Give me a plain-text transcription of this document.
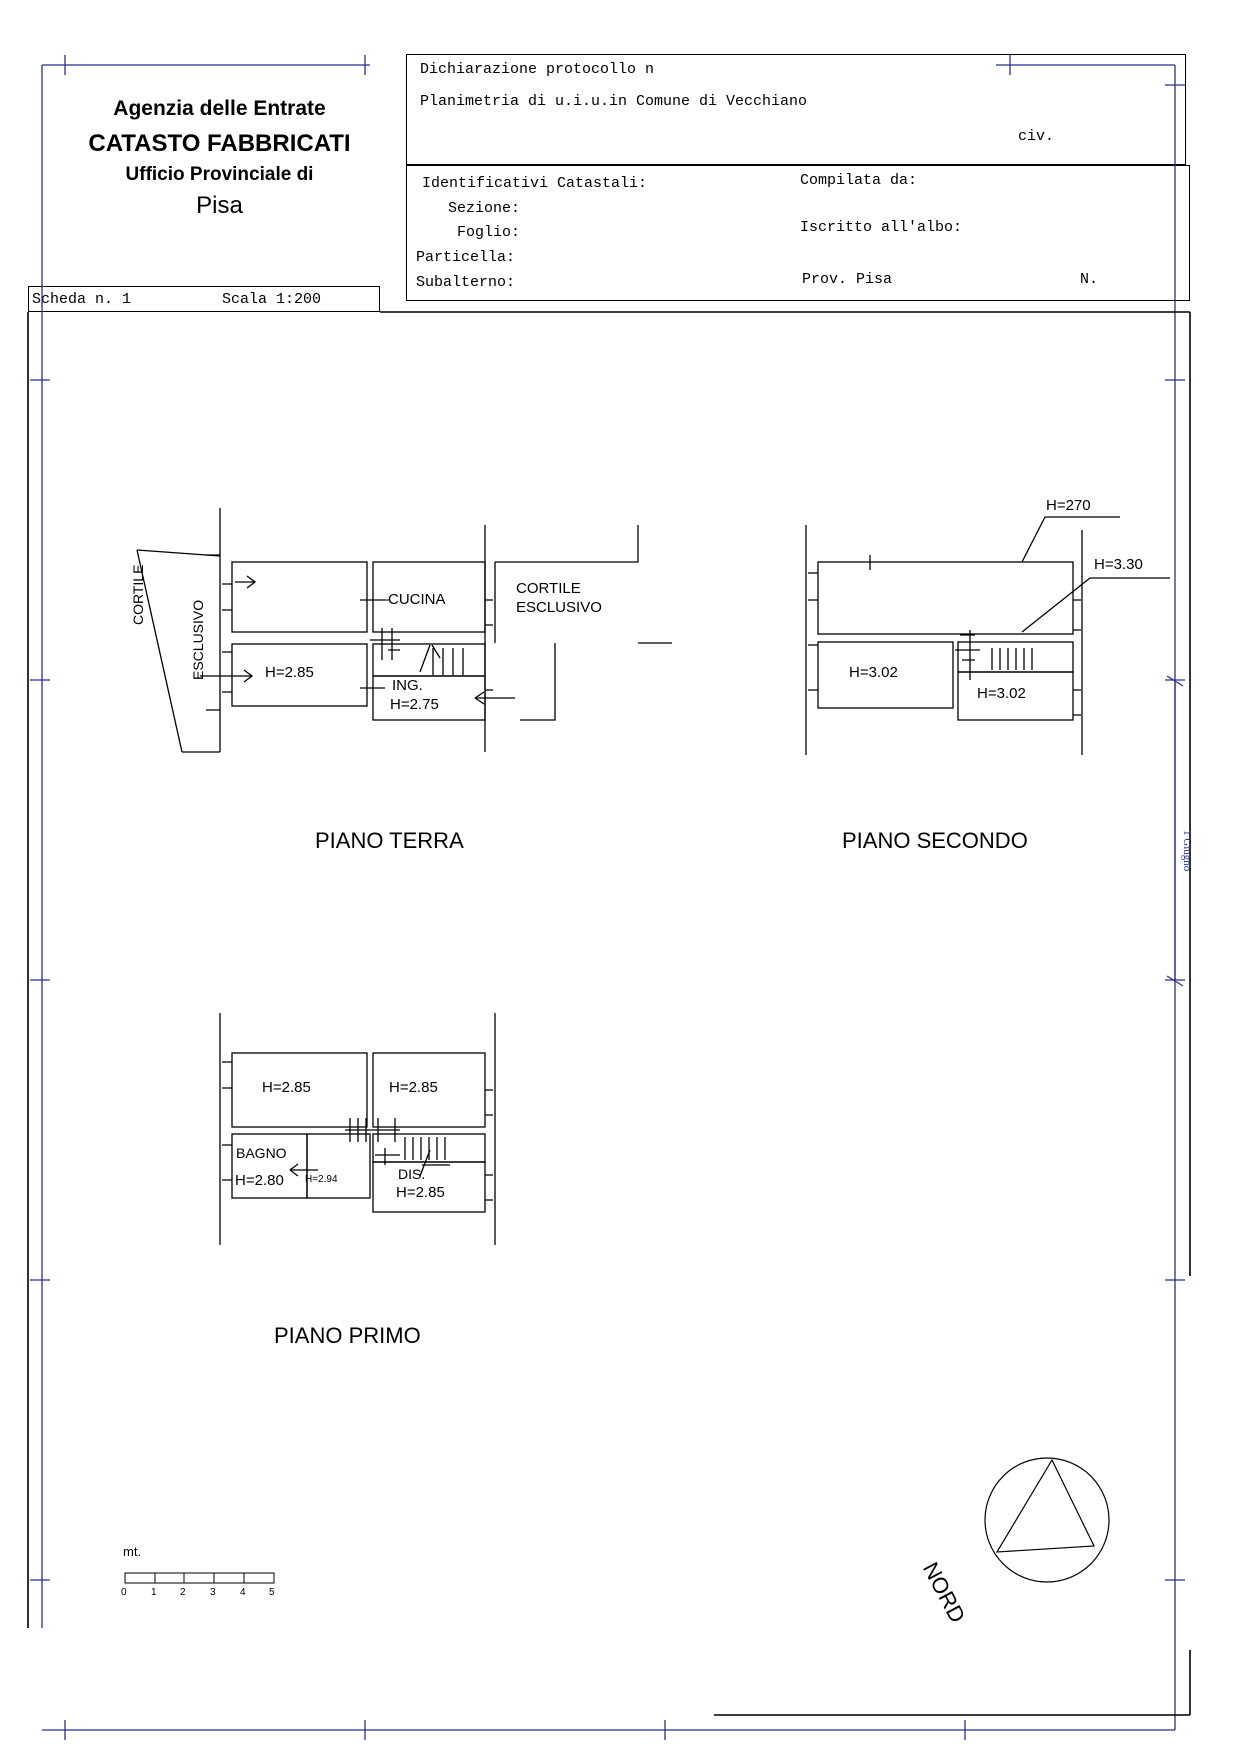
Agenzia delle Entrate
CATASTO FABBRICATI
Ufficio Provinciale di
Pisa
Dichiarazione protocollo n
Planimetria di u.i.u.in Comune di Vecchiano
civ.
Identificativi Catastali:
Sezione:
Foglio:
Particella:
Subalterno:
Compilata da:
Iscritto all'albo:
Prov. Pisa	N.
Scheda n. 1	Scala 1:200
1 Giugno
CUCINA
CORTILE
ESCLUSIVO
H=2.85
ING.
H=2.75
CORTILE
ESCLUSIVO
PIANO TERRA
H=270
H=3.30
H=3.02
H=3.02
PIANO SECONDO
H=2.85	H=2.85
BAGNO
H=2.80 H=2.94	DIS.
H=2.85
PIANO PRIMO
mt.
0 1 2 3 4 5	NORD
